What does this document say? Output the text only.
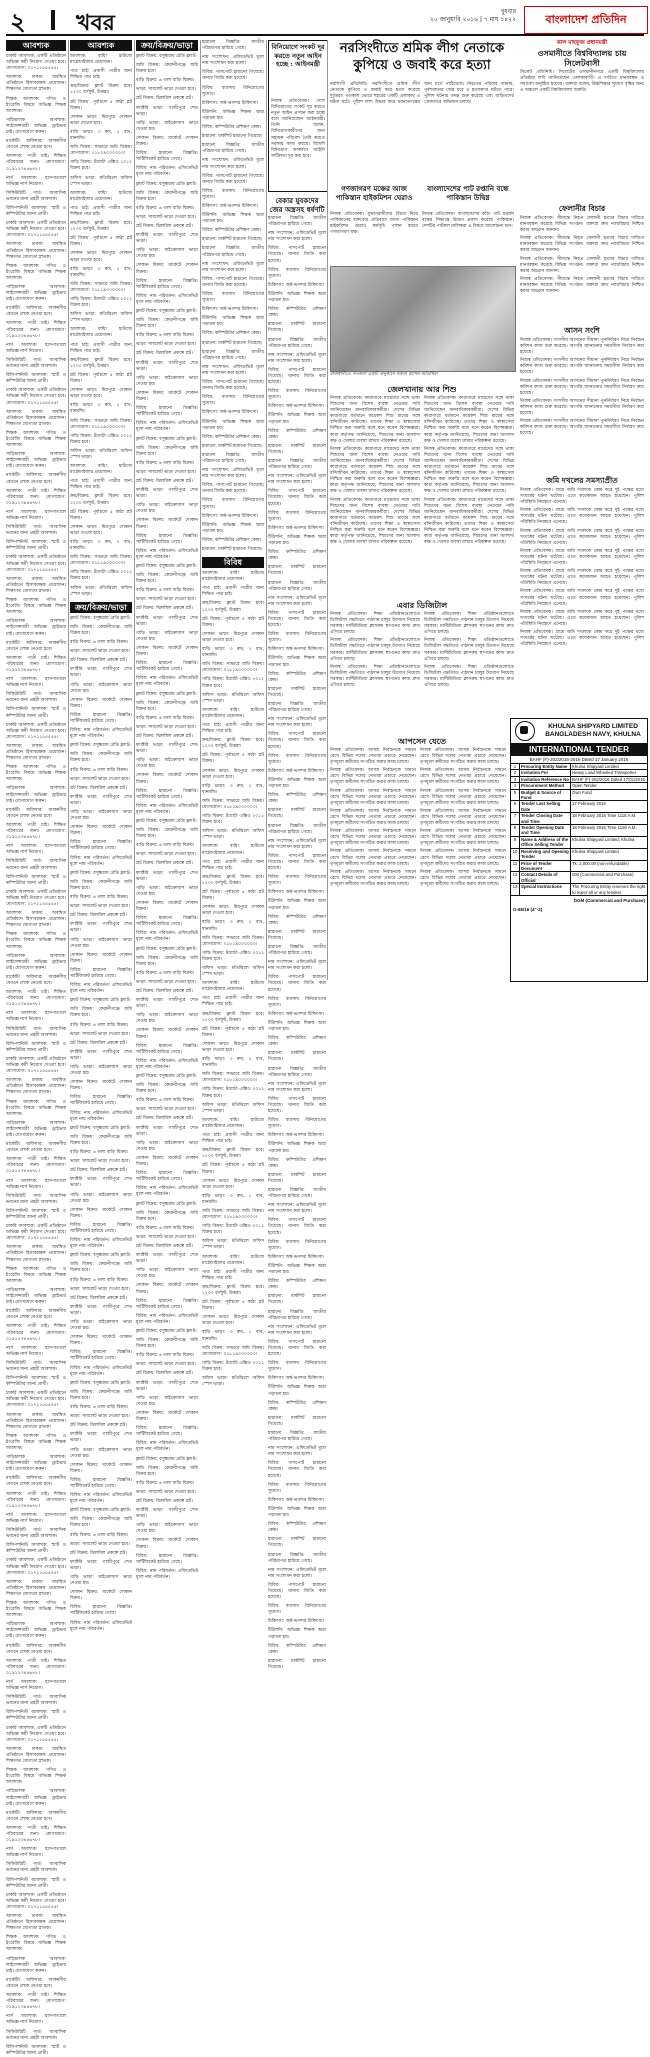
২ খবর	বুধবার
২০ জানুয়ারি ২০১৬ | ৭ মাঘ ১৪২২	বাংলাদেশ প্রতিদিন
আবশ্যক

চাকরি আবশ্যক: একটি প্রতিষ্ঠানে অভিজ্ঞ কর্মী নিয়োগ দেওয়া হবে। যোগাযোগ: ০১৭১১৫৫৫৫৫।

আবশ্যক: ঢাকায় অবস্থিত প্রতিষ্ঠানে হিসাবরক্ষক প্রয়োজন। শিক্ষাগত যোগ্যতা স্নাতক।

শিক্ষক আবশ্যক: গণিত ও ইংরেজি বিষয়ে অভিজ্ঞ শিক্ষক আবশ্যক।

গাড়িচালক আবশ্যক: লাইসেন্সধারী অভিজ্ঞ ড্রাইভার চাই। যোগাযোগ করুন।

মার্কেটিং অফিসার: আকর্ষণীয় বেতনে লোক নেওয়া হবে।

আবশ্যক: পাত্রী চাই। শিক্ষিত পরিবারের জন্য। যোগাযোগ: ০১৯১২৩৪৫৬৭৮।

নার্স আবশ্যক: হাসপাতালে অভিজ্ঞ নার্স নিয়োগ।

সিকিউরিটি গার্ড: আবাসিক ভবনের জন্য প্রহরী আবশ্যক।

রিসিপশনিস্ট আবশ্যক: স্মার্ট ও কম্পিউটার জানা প্রার্থী।

চাকরি আবশ্যক: একটি প্রতিষ্ঠানে অভিজ্ঞ কর্মী নিয়োগ দেওয়া হবে। যোগাযোগ: ০১৭১১৫৫৫৫৫।

আবশ্যক: ঢাকায় অবস্থিত প্রতিষ্ঠানে হিসাবরক্ষক প্রয়োজন। শিক্ষাগত যোগ্যতা স্নাতক।

শিক্ষক আবশ্যক: গণিত ও ইংরেজি বিষয়ে অভিজ্ঞ শিক্ষক আবশ্যক।

গাড়িচালক আবশ্যক: লাইসেন্সধারী অভিজ্ঞ ড্রাইভার চাই। যোগাযোগ করুন।

মার্কেটিং অফিসার: আকর্ষণীয় বেতনে লোক নেওয়া হবে।

আবশ্যক: পাত্রী চাই। শিক্ষিত পরিবারের জন্য। যোগাযোগ: ০১৯১২৩৪৫৬৭৮।

নার্স আবশ্যক: হাসপাতালে অভিজ্ঞ নার্স নিয়োগ।

সিকিউরিটি গার্ড: আবাসিক ভবনের জন্য প্রহরী আবশ্যক।

রিসিপশনিস্ট আবশ্যক: স্মার্ট ও কম্পিউটার জানা প্রার্থী।

চাকরি আবশ্যক: একটি প্রতিষ্ঠানে অভিজ্ঞ কর্মী নিয়োগ দেওয়া হবে। যোগাযোগ: ০১৭১১৫৫৫৫৫।

আবশ্যক: ঢাকায় অবস্থিত প্রতিষ্ঠানে হিসাবরক্ষক প্রয়োজন। শিক্ষাগত যোগ্যতা স্নাতক।

শিক্ষক আবশ্যক: গণিত ও ইংরেজি বিষয়ে অভিজ্ঞ শিক্ষক আবশ্যক।

গাড়িচালক আবশ্যক: লাইসেন্সধারী অভিজ্ঞ ড্রাইভার চাই। যোগাযোগ করুন।

মার্কেটিং অফিসার: আকর্ষণীয় বেতনে লোক নেওয়া হবে।

আবশ্যক: পাত্রী চাই। শিক্ষিত পরিবারের জন্য। যোগাযোগ: ০১৯১২৩৪৫৬৭৮।

নার্স আবশ্যক: হাসপাতালে অভিজ্ঞ নার্স নিয়োগ।

সিকিউরিটি গার্ড: আবাসিক ভবনের জন্য প্রহরী আবশ্যক।

রিসিপশনিস্ট আবশ্যক: স্মার্ট ও কম্পিউটার জানা প্রার্থী।

চাকরি আবশ্যক: একটি প্রতিষ্ঠানে অভিজ্ঞ কর্মী নিয়োগ দেওয়া হবে। যোগাযোগ: ০১৭১১৫৫৫৫৫।

আবশ্যক: ঢাকায় অবস্থিত প্রতিষ্ঠানে হিসাবরক্ষক প্রয়োজন। শিক্ষাগত যোগ্যতা স্নাতক।

শিক্ষক আবশ্যক: গণিত ও ইংরেজি বিষয়ে অভিজ্ঞ শিক্ষক আবশ্যক।

গাড়িচালক আবশ্যক: লাইসেন্সধারী অভিজ্ঞ ড্রাইভার চাই। যোগাযোগ করুন।

মার্কেটিং অফিসার: আকর্ষণীয় বেতনে লোক নেওয়া হবে।

আবশ্যক: পাত্রী চাই। শিক্ষিত পরিবারের জন্য। যোগাযোগ: ০১৯১২৩৪৫৬৭৮।

নার্স আবশ্যক: হাসপাতালে অভিজ্ঞ নার্স নিয়োগ।

সিকিউরিটি গার্ড: আবাসিক ভবনের জন্য প্রহরী আবশ্যক।

রিসিপশনিস্ট আবশ্যক: স্মার্ট ও কম্পিউটার জানা প্রার্থী।

চাকরি আবশ্যক: একটি প্রতিষ্ঠানে অভিজ্ঞ কর্মী নিয়োগ দেওয়া হবে। যোগাযোগ: ০১৭১১৫৫৫৫৫।

আবশ্যক: ঢাকায় অবস্থিত প্রতিষ্ঠানে হিসাবরক্ষক প্রয়োজন। শিক্ষাগত যোগ্যতা স্নাতক।

শিক্ষক আবশ্যক: গণিত ও ইংরেজি বিষয়ে অভিজ্ঞ শিক্ষক আবশ্যক।

গাড়িচালক আবশ্যক: লাইসেন্সধারী অভিজ্ঞ ড্রাইভার চাই। যোগাযোগ করুন।

মার্কেটিং অফিসার: আকর্ষণীয় বেতনে লোক নেওয়া হবে।

আবশ্যক: পাত্রী চাই। শিক্ষিত পরিবারের জন্য। যোগাযোগ: ০১৯১২৩৪৫৬৭৮।

নার্স আবশ্যক: হাসপাতালে অভিজ্ঞ নার্স নিয়োগ।

সিকিউরিটি গার্ড: আবাসিক ভবনের জন্য প্রহরী আবশ্যক।

রিসিপশনিস্ট আবশ্যক: স্মার্ট ও কম্পিউটার জানা প্রার্থী।

চাকরি আবশ্যক: একটি প্রতিষ্ঠানে অভিজ্ঞ কর্মী নিয়োগ দেওয়া হবে। যোগাযোগ: ০১৭১১৫৫৫৫৫।

আবশ্যক: ঢাকায় অবস্থিত প্রতিষ্ঠানে হিসাবরক্ষক প্রয়োজন। শিক্ষাগত যোগ্যতা স্নাতক।

শিক্ষক আবশ্যক: গণিত ও ইংরেজি বিষয়ে অভিজ্ঞ শিক্ষক আবশ্যক।

গাড়িচালক আবশ্যক: লাইসেন্সধারী অভিজ্ঞ ড্রাইভার চাই। যোগাযোগ করুন।

মার্কেটিং অফিসার: আকর্ষণীয় বেতনে লোক নেওয়া হবে।

আবশ্যক: পাত্রী চাই। শিক্ষিত পরিবারের জন্য। যোগাযোগ: ০১৯১২৩৪৫৬৭৮।

নার্স আবশ্যক: হাসপাতালে অভিজ্ঞ নার্স নিয়োগ।

সিকিউরিটি গার্ড: আবাসিক ভবনের জন্য প্রহরী আবশ্যক।

রিসিপশনিস্ট আবশ্যক: স্মার্ট ও কম্পিউটার জানা প্রার্থী।

চাকরি আবশ্যক: একটি প্রতিষ্ঠানে অভিজ্ঞ কর্মী নিয়োগ দেওয়া হবে। যোগাযোগ: ০১৭১১৫৫৫৫৫।

আবশ্যক: ঢাকায় অবস্থিত প্রতিষ্ঠানে হিসাবরক্ষক প্রয়োজন। শিক্ষাগত যোগ্যতা স্নাতক।

শিক্ষক আবশ্যক: গণিত ও ইংরেজি বিষয়ে অভিজ্ঞ শিক্ষক আবশ্যক।

গাড়িচালক আবশ্যক: লাইসেন্সধারী অভিজ্ঞ ড্রাইভার চাই। যোগাযোগ করুন।

মার্কেটিং অফিসার: আকর্ষণীয় বেতনে লোক নেওয়া হবে।

আবশ্যক: পাত্রী চাই। শিক্ষিত পরিবারের জন্য। যোগাযোগ: ০১৯১২৩৪৫৬৭৮।

নার্স আবশ্যক: হাসপাতালে অভিজ্ঞ নার্স নিয়োগ।

সিকিউরিটি গার্ড: আবাসিক ভবনের জন্য প্রহরী আবশ্যক।

রিসিপশনিস্ট আবশ্যক: স্মার্ট ও কম্পিউটার জানা প্রার্থী।

চাকরি আবশ্যক: একটি প্রতিষ্ঠানে অভিজ্ঞ কর্মী নিয়োগ দেওয়া হবে। যোগাযোগ: ০১৭১১৫৫৫৫৫।

আবশ্যক: ঢাকায় অবস্থিত প্রতিষ্ঠানে হিসাবরক্ষক প্রয়োজন। শিক্ষাগত যোগ্যতা স্নাতক।

শিক্ষক আবশ্যক: গণিত ও ইংরেজি বিষয়ে অভিজ্ঞ শিক্ষক আবশ্যক।

গাড়িচালক আবশ্যক: লাইসেন্সধারী অভিজ্ঞ ড্রাইভার চাই। যোগাযোগ করুন।

মার্কেটিং অফিসার: আকর্ষণীয় বেতনে লোক নেওয়া হবে।

আবশ্যক: পাত্রী চাই। শিক্ষিত পরিবারের জন্য। যোগাযোগ: ০১৯১২৩৪৫৬৭৮।

নার্স আবশ্যক: হাসপাতালে অভিজ্ঞ নার্স নিয়োগ।

সিকিউরিটি গার্ড: আবাসিক ভবনের জন্য প্রহরী আবশ্যক।

রিসিপশনিস্ট আবশ্যক: স্মার্ট ও কম্পিউটার জানা প্রার্থী।

চাকরি আবশ্যক: একটি প্রতিষ্ঠানে অভিজ্ঞ কর্মী নিয়োগ দেওয়া হবে। যোগাযোগ: ০১৭১১৫৫৫৫৫।

আবশ্যক: ঢাকায় অবস্থিত প্রতিষ্ঠানে হিসাবরক্ষক প্রয়োজন। শিক্ষাগত যোগ্যতা স্নাতক।

শিক্ষক আবশ্যক: গণিত ও ইংরেজি বিষয়ে অভিজ্ঞ শিক্ষক আবশ্যক।

গাড়িচালক আবশ্যক: লাইসেন্সধারী অভিজ্ঞ ড্রাইভার চাই। যোগাযোগ করুন।

মার্কেটিং অফিসার: আকর্ষণীয় বেতনে লোক নেওয়া হবে।

আবশ্যক: পাত্রী চাই। শিক্ষিত পরিবারের জন্য। যোগাযোগ: ০১৯১২৩৪৫৬৭৮।

নার্স আবশ্যক: হাসপাতালে অভিজ্ঞ নার্স নিয়োগ।

সিকিউরিটি গার্ড: আবাসিক ভবনের জন্য প্রহরী আবশ্যক।

রিসিপশনিস্ট আবশ্যক: স্মার্ট ও কম্পিউটার জানা প্রার্থী।

চাকরি আবশ্যক: একটি প্রতিষ্ঠানে অভিজ্ঞ কর্মী নিয়োগ দেওয়া হবে। যোগাযোগ: ০১৭১১৫৫৫৫৫।

আবশ্যক: ঢাকায় অবস্থিত প্রতিষ্ঠানে হিসাবরক্ষক প্রয়োজন। শিক্ষাগত যোগ্যতা স্নাতক।

শিক্ষক আবশ্যক: গণিত ও ইংরেজি বিষয়ে অভিজ্ঞ শিক্ষক আবশ্যক।

গাড়িচালক আবশ্যক: লাইসেন্সধারী অভিজ্ঞ ড্রাইভার চাই। যোগাযোগ করুন।

মার্কেটিং অফিসার: আকর্ষণীয় বেতনে লোক নেওয়া হবে।

আবশ্যক: পাত্রী চাই। শিক্ষিত পরিবারের জন্য। যোগাযোগ: ০১৯১২৩৪৫৬৭৮।

নার্স আবশ্যক: হাসপাতালে অভিজ্ঞ নার্স নিয়োগ।

সিকিউরিটি গার্ড: আবাসিক ভবনের জন্য প্রহরী আবশ্যক।

রিসিপশনিস্ট আবশ্যক: স্মার্ট ও কম্পিউটার জানা প্রার্থী।

চাকরি আবশ্যক: একটি প্রতিষ্ঠানে অভিজ্ঞ কর্মী নিয়োগ দেওয়া হবে। যোগাযোগ: ০১৭১১৫৫৫৫৫।

আবশ্যক: ঢাকায় অবস্থিত প্রতিষ্ঠানে হিসাবরক্ষক প্রয়োজন। শিক্ষাগত যোগ্যতা স্নাতক।

শিক্ষক আবশ্যক: গণিত ও ইংরেজি বিষয়ে অভিজ্ঞ শিক্ষক আবশ্যক।

গাড়িচালক আবশ্যক: লাইসেন্সধারী অভিজ্ঞ ড্রাইভার চাই। যোগাযোগ করুন।

মার্কেটিং অফিসার: আকর্ষণীয় বেতনে লোক নেওয়া হবে।

আবশ্যক: পাত্রী চাই। শিক্ষিত পরিবারের জন্য। যোগাযোগ: ০১৯১২৩৪৫৬৭৮।

নার্স আবশ্যক: হাসপাতালে অভিজ্ঞ নার্স নিয়োগ।

সিকিউরিটি গার্ড: আবাসিক ভবনের জন্য প্রহরী আবশ্যক।

রিসিপশনিস্ট আবশ্যক: স্মার্ট ও কম্পিউটার জানা প্রার্থী।

চাকরি আবশ্যক: একটি প্রতিষ্ঠানে অভিজ্ঞ কর্মী নিয়োগ দেওয়া হবে। যোগাযোগ: ০১৭১১৫৫৫৫৫।

আবশ্যক: ঢাকায় অবস্থিত প্রতিষ্ঠানে হিসাবরক্ষক প্রয়োজন। শিক্ষাগত যোগ্যতা স্নাতক।

শিক্ষক আবশ্যক: গণিত ও ইংরেজি বিষয়ে অভিজ্ঞ শিক্ষক আবশ্যক।

গাড়িচালক আবশ্যক: লাইসেন্সধারী অভিজ্ঞ ড্রাইভার চাই। যোগাযোগ করুন।

মার্কেটিং অফিসার: আকর্ষণীয় বেতনে লোক নেওয়া হবে।

আবশ্যক: পাত্রী চাই। শিক্ষিত পরিবারের জন্য। যোগাযোগ: ০১৯১২৩৪৫৬৭৮।

নার্স আবশ্যক: হাসপাতালে অভিজ্ঞ নার্স নিয়োগ।

সিকিউরিটি গার্ড: আবাসিক ভবনের জন্য প্রহরী আবশ্যক।

রিসিপশনিস্ট আবশ্যক: স্মার্ট ও কম্পিউটার জানা প্রার্থী।

আবশ্যক

আবশ্যক: বায়িং হাউজে মার্চেন্ডাইজার প্রয়োজন।

পাত্র চাই: প্রবাসী পাত্রীর জন্য শিক্ষিত পাত্র চাই।

ক্রয়/বিক্রয়: ফ্ল্যাট বিক্রয় হবে। ১২০০ বর্গফুট, উত্তরা।

প্লট বিক্রয়: পূর্বাচলে ৫ কাঠা প্লট বিক্রয়।

দোকান ভাড়া: মিরপুরে দোকান ভাড়া দেওয়া হবে।

বাড়ি ভাড়া: ৩ রুম, ২ বাথ, ধানমন্ডি।

জমি বিক্রয়: সাভারে জমি বিক্রয়। যোগাযোগ: ০১৮১৯০০০০০০।

গাড়ি বিক্রয়: টয়োটা এক্সিও ২০১২ বিক্রয় হবে।

অফিস ভাড়া: মতিঝিলে অফিস স্পেস ভাড়া।

আবশ্যক: বায়িং হাউজে মার্চেন্ডাইজার প্রয়োজন।

পাত্র চাই: প্রবাসী পাত্রীর জন্য শিক্ষিত পাত্র চাই।

ক্রয়/বিক্রয়: ফ্ল্যাট বিক্রয় হবে। ১২০০ বর্গফুট, উত্তরা।

প্লট বিক্রয়: পূর্বাচলে ৫ কাঠা প্লট বিক্রয়।

দোকান ভাড়া: মিরপুরে দোকান ভাড়া দেওয়া হবে।

বাড়ি ভাড়া: ৩ রুম, ২ বাথ, ধানমন্ডি।

জমি বিক্রয়: সাভারে জমি বিক্রয়। যোগাযোগ: ০১৮১৯০০০০০০।

গাড়ি বিক্রয়: টয়োটা এক্সিও ২০১২ বিক্রয় হবে।

অফিস ভাড়া: মতিঝিলে অফিস স্পেস ভাড়া।

আবশ্যক: বায়িং হাউজে মার্চেন্ডাইজার প্রয়োজন।

পাত্র চাই: প্রবাসী পাত্রীর জন্য শিক্ষিত পাত্র চাই।

ক্রয়/বিক্রয়: ফ্ল্যাট বিক্রয় হবে। ১২০০ বর্গফুট, উত্তরা।

প্লট বিক্রয়: পূর্বাচলে ৫ কাঠা প্লট বিক্রয়।

দোকান ভাড়া: মিরপুরে দোকান ভাড়া দেওয়া হবে।

বাড়ি ভাড়া: ৩ রুম, ২ বাথ, ধানমন্ডি।

জমি বিক্রয়: সাভারে জমি বিক্রয়। যোগাযোগ: ০১৮১৯০০০০০০।

গাড়ি বিক্রয়: টয়োটা এক্সিও ২০১২ বিক্রয় হবে।

অফিস ভাড়া: মতিঝিলে অফিস স্পেস ভাড়া।

আবশ্যক: বায়িং হাউজে মার্চেন্ডাইজার প্রয়োজন।

পাত্র চাই: প্রবাসী পাত্রীর জন্য শিক্ষিত পাত্র চাই।

ক্রয়/বিক্রয়: ফ্ল্যাট বিক্রয় হবে। ১২০০ বর্গফুট, উত্তরা।

প্লট বিক্রয়: পূর্বাচলে ৫ কাঠা প্লট বিক্রয়।

দোকান ভাড়া: মিরপুরে দোকান ভাড়া দেওয়া হবে।

বাড়ি ভাড়া: ৩ রুম, ২ বাথ, ধানমন্ডি।

জমি বিক্রয়: সাভারে জমি বিক্রয়। যোগাযোগ: ০১৮১৯০০০০০০।

গাড়ি বিক্রয়: টয়োটা এক্সিও ২০১২ বিক্রয় হবে।

অফিস ভাড়া: মতিঝিলে অফিস স্পেস ভাড়া।

ক্রয়/বিক্রয়/ভাড়া

ফ্ল্যাট বিক্রয়: বসুন্ধরায় রেডি ফ্ল্যাট।

জমি বিক্রয়: কেরানীগঞ্জে জমি বিক্রয় হবে।

বাড়ি বিক্রয়: ৬ তলা বাড়ি বিক্রয়।

ভাড়া: সাবলেট ভাড়া দেওয়া হবে।

প্লট বিক্রয়: ঝিলমিল প্রকল্পে প্লট।

ফ্যাক্টরি ভাড়া: গাজীপুরে শেড ভাড়া।

গাড়ি ভাড়া: মাইক্রোবাস ভাড়া দেওয়া হয়।

দোকান বিক্রয়: মার্কেটে দোকান বিক্রয়।

বিবিধ: হারানো বিজ্ঞপ্তি। সার্টিফিকেট হারিয়ে গেছে।

বিবিধ: নাম পরিবর্তন। এফিডেভিট মূলে নাম পরিবর্তন।

ফ্ল্যাট বিক্রয়: বসুন্ধরায় রেডি ফ্ল্যাট।

জমি বিক্রয়: কেরানীগঞ্জে জমি বিক্রয় হবে।

বাড়ি বিক্রয়: ৬ তলা বাড়ি বিক্রয়।

ভাড়া: সাবলেট ভাড়া দেওয়া হবে।

প্লট বিক্রয়: ঝিলমিল প্রকল্পে প্লট।

ফ্যাক্টরি ভাড়া: গাজীপুরে শেড ভাড়া।

গাড়ি ভাড়া: মাইক্রোবাস ভাড়া দেওয়া হয়।

দোকান বিক্রয়: মার্কেটে দোকান বিক্রয়।

বিবিধ: হারানো বিজ্ঞপ্তি। সার্টিফিকেট হারিয়ে গেছে।

বিবিধ: নাম পরিবর্তন। এফিডেভিট মূলে নাম পরিবর্তন।

ফ্ল্যাট বিক্রয়: বসুন্ধরায় রেডি ফ্ল্যাট।

জমি বিক্রয়: কেরানীগঞ্জে জমি বিক্রয় হবে।

বাড়ি বিক্রয়: ৬ তলা বাড়ি বিক্রয়।

ভাড়া: সাবলেট ভাড়া দেওয়া হবে।

প্লট বিক্রয়: ঝিলমিল প্রকল্পে প্লট।

ফ্যাক্টরি ভাড়া: গাজীপুরে শেড ভাড়া।

গাড়ি ভাড়া: মাইক্রোবাস ভাড়া দেওয়া হয়।

দোকান বিক্রয়: মার্কেটে দোকান বিক্রয়।

বিবিধ: হারানো বিজ্ঞপ্তি। সার্টিফিকেট হারিয়ে গেছে।

বিবিধ: নাম পরিবর্তন। এফিডেভিট মূলে নাম পরিবর্তন।

ফ্ল্যাট বিক্রয়: বসুন্ধরায় রেডি ফ্ল্যাট।

জমি বিক্রয়: কেরানীগঞ্জে জমি বিক্রয় হবে।

বাড়ি বিক্রয়: ৬ তলা বাড়ি বিক্রয়।

ভাড়া: সাবলেট ভাড়া দেওয়া হবে।

প্লট বিক্রয়: ঝিলমিল প্রকল্পে প্লট।

ফ্যাক্টরি ভাড়া: গাজীপুরে শেড ভাড়া।

গাড়ি ভাড়া: মাইক্রোবাস ভাড়া দেওয়া হয়।

দোকান বিক্রয়: মার্কেটে দোকান বিক্রয়।

বিবিধ: হারানো বিজ্ঞপ্তি। সার্টিফিকেট হারিয়ে গেছে।

বিবিধ: নাম পরিবর্তন। এফিডেভিট মূলে নাম পরিবর্তন।

ফ্ল্যাট বিক্রয়: বসুন্ধরায় রেডি ফ্ল্যাট।

জমি বিক্রয়: কেরানীগঞ্জে জমি বিক্রয় হবে।

বাড়ি বিক্রয়: ৬ তলা বাড়ি বিক্রয়।

ভাড়া: সাবলেট ভাড়া দেওয়া হবে।

প্লট বিক্রয়: ঝিলমিল প্রকল্পে প্লট।

ফ্যাক্টরি ভাড়া: গাজীপুরে শেড ভাড়া।

গাড়ি ভাড়া: মাইক্রোবাস ভাড়া দেওয়া হয়।

দোকান বিক্রয়: মার্কেটে দোকান বিক্রয়।

বিবিধ: হারানো বিজ্ঞপ্তি। সার্টিফিকেট হারিয়ে গেছে।

বিবিধ: নাম পরিবর্তন। এফিডেভিট মূলে নাম পরিবর্তন।

ফ্ল্যাট বিক্রয়: বসুন্ধরায় রেডি ফ্ল্যাট।

জমি বিক্রয়: কেরানীগঞ্জে জমি বিক্রয় হবে।

বাড়ি বিক্রয়: ৬ তলা বাড়ি বিক্রয়।

ভাড়া: সাবলেট ভাড়া দেওয়া হবে।

প্লট বিক্রয়: ঝিলমিল প্রকল্পে প্লট।

ফ্যাক্টরি ভাড়া: গাজীপুরে শেড ভাড়া।

গাড়ি ভাড়া: মাইক্রোবাস ভাড়া দেওয়া হয়।

দোকান বিক্রয়: মার্কেটে দোকান বিক্রয়।

বিবিধ: হারানো বিজ্ঞপ্তি। সার্টিফিকেট হারিয়ে গেছে।

বিবিধ: নাম পরিবর্তন। এফিডেভিট মূলে নাম পরিবর্তন।

ফ্ল্যাট বিক্রয়: বসুন্ধরায় রেডি ফ্ল্যাট।

জমি বিক্রয়: কেরানীগঞ্জে জমি বিক্রয় হবে।

বাড়ি বিক্রয়: ৬ তলা বাড়ি বিক্রয়।

ভাড়া: সাবলেট ভাড়া দেওয়া হবে।

প্লট বিক্রয়: ঝিলমিল প্রকল্পে প্লট।

ফ্যাক্টরি ভাড়া: গাজীপুরে শেড ভাড়া।

গাড়ি ভাড়া: মাইক্রোবাস ভাড়া দেওয়া হয়।

দোকান বিক্রয়: মার্কেটে দোকান বিক্রয়।

বিবিধ: হারানো বিজ্ঞপ্তি। সার্টিফিকেট হারিয়ে গেছে।

বিবিধ: নাম পরিবর্তন। এফিডেভিট মূলে নাম পরিবর্তন।

ফ্ল্যাট বিক্রয়: বসুন্ধরায় রেডি ফ্ল্যাট।

জমি বিক্রয়: কেরানীগঞ্জে জমি বিক্রয় হবে।

বাড়ি বিক্রয়: ৬ তলা বাড়ি বিক্রয়।

ভাড়া: সাবলেট ভাড়া দেওয়া হবে।

প্লট বিক্রয়: ঝিলমিল প্রকল্পে প্লট।

ফ্যাক্টরি ভাড়া: গাজীপুরে শেড ভাড়া।

গাড়ি ভাড়া: মাইক্রোবাস ভাড়া দেওয়া হয়।

দোকান বিক্রয়: মার্কেটে দোকান বিক্রয়।

বিবিধ: হারানো বিজ্ঞপ্তি। সার্টিফিকেট হারিয়ে গেছে।

বিবিধ: নাম পরিবর্তন। এফিডেভিট মূলে নাম পরিবর্তন।

ক্রয়/বিক্রয়/ভাড়া

ফ্ল্যাট বিক্রয়: বসুন্ধরায় রেডি ফ্ল্যাট।

জমি বিক্রয়: কেরানীগঞ্জে জমি বিক্রয় হবে।

বাড়ি বিক্রয়: ৬ তলা বাড়ি বিক্রয়।

ভাড়া: সাবলেট ভাড়া দেওয়া হবে।

প্লট বিক্রয়: ঝিলমিল প্রকল্পে প্লট।

ফ্যাক্টরি ভাড়া: গাজীপুরে শেড ভাড়া।

গাড়ি ভাড়া: মাইক্রোবাস ভাড়া দেওয়া হয়।

দোকান বিক্রয়: মার্কেটে দোকান বিক্রয়।

বিবিধ: হারানো বিজ্ঞপ্তি। সার্টিফিকেট হারিয়ে গেছে।

বিবিধ: নাম পরিবর্তন। এফিডেভিট মূলে নাম পরিবর্তন।

ফ্ল্যাট বিক্রয়: বসুন্ধরায় রেডি ফ্ল্যাট।

জমি বিক্রয়: কেরানীগঞ্জে জমি বিক্রয় হবে।

বাড়ি বিক্রয়: ৬ তলা বাড়ি বিক্রয়।

ভাড়া: সাবলেট ভাড়া দেওয়া হবে।

প্লট বিক্রয়: ঝিলমিল প্রকল্পে প্লট।

ফ্যাক্টরি ভাড়া: গাজীপুরে শেড ভাড়া।

গাড়ি ভাড়া: মাইক্রোবাস ভাড়া দেওয়া হয়।

দোকান বিক্রয়: মার্কেটে দোকান বিক্রয়।

বিবিধ: হারানো বিজ্ঞপ্তি। সার্টিফিকেট হারিয়ে গেছে।

বিবিধ: নাম পরিবর্তন। এফিডেভিট মূলে নাম পরিবর্তন।

ফ্ল্যাট বিক্রয়: বসুন্ধরায় রেডি ফ্ল্যাট।

জমি বিক্রয়: কেরানীগঞ্জে জমি বিক্রয় হবে।

বাড়ি বিক্রয়: ৬ তলা বাড়ি বিক্রয়।

ভাড়া: সাবলেট ভাড়া দেওয়া হবে।

প্লট বিক্রয়: ঝিলমিল প্রকল্পে প্লট।

ফ্যাক্টরি ভাড়া: গাজীপুরে শেড ভাড়া।

গাড়ি ভাড়া: মাইক্রোবাস ভাড়া দেওয়া হয়।

দোকান বিক্রয়: মার্কেটে দোকান বিক্রয়।

বিবিধ: হারানো বিজ্ঞপ্তি। সার্টিফিকেট হারিয়ে গেছে।

বিবিধ: নাম পরিবর্তন। এফিডেভিট মূলে নাম পরিবর্তন।

ফ্ল্যাট বিক্রয়: বসুন্ধরায় রেডি ফ্ল্যাট।

জমি বিক্রয়: কেরানীগঞ্জে জমি বিক্রয় হবে।

বাড়ি বিক্রয়: ৬ তলা বাড়ি বিক্রয়।

ভাড়া: সাবলেট ভাড়া দেওয়া হবে।

প্লট বিক্রয়: ঝিলমিল প্রকল্পে প্লট।

ফ্যাক্টরি ভাড়া: গাজীপুরে শেড ভাড়া।

গাড়ি ভাড়া: মাইক্রোবাস ভাড়া দেওয়া হয়।

দোকান বিক্রয়: মার্কেটে দোকান বিক্রয়।

বিবিধ: হারানো বিজ্ঞপ্তি। সার্টিফিকেট হারিয়ে গেছে।

বিবিধ: নাম পরিবর্তন। এফিডেভিট মূলে নাম পরিবর্তন।

ফ্ল্যাট বিক্রয়: বসুন্ধরায় রেডি ফ্ল্যাট।

জমি বিক্রয়: কেরানীগঞ্জে জমি বিক্রয় হবে।

বাড়ি বিক্রয়: ৬ তলা বাড়ি বিক্রয়।

ভাড়া: সাবলেট ভাড়া দেওয়া হবে।

প্লট বিক্রয়: ঝিলমিল প্রকল্পে প্লট।

ফ্যাক্টরি ভাড়া: গাজীপুরে শেড ভাড়া।

গাড়ি ভাড়া: মাইক্রোবাস ভাড়া দেওয়া হয়।

দোকান বিক্রয়: মার্কেটে দোকান বিক্রয়।

বিবিধ: হারানো বিজ্ঞপ্তি। সার্টিফিকেট হারিয়ে গেছে।

বিবিধ: নাম পরিবর্তন। এফিডেভিট মূলে নাম পরিবর্তন।

ফ্ল্যাট বিক্রয়: বসুন্ধরায় রেডি ফ্ল্যাট।

জমি বিক্রয়: কেরানীগঞ্জে জমি বিক্রয় হবে।

বাড়ি বিক্রয়: ৬ তলা বাড়ি বিক্রয়।

ভাড়া: সাবলেট ভাড়া দেওয়া হবে।

প্লট বিক্রয়: ঝিলমিল প্রকল্পে প্লট।

ফ্যাক্টরি ভাড়া: গাজীপুরে শেড ভাড়া।

গাড়ি ভাড়া: মাইক্রোবাস ভাড়া দেওয়া হয়।

দোকান বিক্রয়: মার্কেটে দোকান বিক্রয়।

বিবিধ: হারানো বিজ্ঞপ্তি। সার্টিফিকেট হারিয়ে গেছে।

বিবিধ: নাম পরিবর্তন। এফিডেভিট মূলে নাম পরিবর্তন।

ফ্ল্যাট বিক্রয়: বসুন্ধরায় রেডি ফ্ল্যাট।

জমি বিক্রয়: কেরানীগঞ্জে জমি বিক্রয় হবে।

বাড়ি বিক্রয়: ৬ তলা বাড়ি বিক্রয়।

ভাড়া: সাবলেট ভাড়া দেওয়া হবে।

প্লট বিক্রয়: ঝিলমিল প্রকল্পে প্লট।

ফ্যাক্টরি ভাড়া: গাজীপুরে শেড ভাড়া।

গাড়ি ভাড়া: মাইক্রোবাস ভাড়া দেওয়া হয়।

দোকান বিক্রয়: মার্কেটে দোকান বিক্রয়।

বিবিধ: হারানো বিজ্ঞপ্তি। সার্টিফিকেট হারিয়ে গেছে।

বিবিধ: নাম পরিবর্তন। এফিডেভিট মূলে নাম পরিবর্তন।

ফ্ল্যাট বিক্রয়: বসুন্ধরায় রেডি ফ্ল্যাট।

জমি বিক্রয়: কেরানীগঞ্জে জমি বিক্রয় হবে।

বাড়ি বিক্রয়: ৬ তলা বাড়ি বিক্রয়।

ভাড়া: সাবলেট ভাড়া দেওয়া হবে।

প্লট বিক্রয়: ঝিলমিল প্রকল্পে প্লট।

ফ্যাক্টরি ভাড়া: গাজীপুরে শেড ভাড়া।

গাড়ি ভাড়া: মাইক্রোবাস ভাড়া দেওয়া হয়।

দোকান বিক্রয়: মার্কেটে দোকান বিক্রয়।

বিবিধ: হারানো বিজ্ঞপ্তি। সার্টিফিকেট হারিয়ে গেছে।

বিবিধ: নাম পরিবর্তন। এফিডেভিট মূলে নাম পরিবর্তন।

ফ্ল্যাট বিক্রয়: বসুন্ধরায় রেডি ফ্ল্যাট।

জমি বিক্রয়: কেরানীগঞ্জে জমি বিক্রয় হবে।

বাড়ি বিক্রয়: ৬ তলা বাড়ি বিক্রয়।

ভাড়া: সাবলেট ভাড়া দেওয়া হবে।

প্লট বিক্রয়: ঝিলমিল প্রকল্পে প্লট।

ফ্যাক্টরি ভাড়া: গাজীপুরে শেড ভাড়া।

গাড়ি ভাড়া: মাইক্রোবাস ভাড়া দেওয়া হয়।

দোকান বিক্রয়: মার্কেটে দোকান বিক্রয়।

বিবিধ: হারানো বিজ্ঞপ্তি। সার্টিফিকেট হারিয়ে গেছে।

বিবিধ: নাম পরিবর্তন। এফিডেভিট মূলে নাম পরিবর্তন।

ফ্ল্যাট বিক্রয়: বসুন্ধরায় রেডি ফ্ল্যাট।

জমি বিক্রয়: কেরানীগঞ্জে জমি বিক্রয় হবে।

বাড়ি বিক্রয়: ৬ তলা বাড়ি বিক্রয়।

ভাড়া: সাবলেট ভাড়া দেওয়া হবে।

প্লট বিক্রয়: ঝিলমিল প্রকল্পে প্লট।

ফ্যাক্টরি ভাড়া: গাজীপুরে শেড ভাড়া।

গাড়ি ভাড়া: মাইক্রোবাস ভাড়া দেওয়া হয়।

দোকান বিক্রয়: মার্কেটে দোকান বিক্রয়।

বিবিধ: হারানো বিজ্ঞপ্তি। সার্টিফিকেট হারিয়ে গেছে।

বিবিধ: নাম পরিবর্তন। এফিডেভিট মূলে নাম পরিবর্তন।

ফ্ল্যাট বিক্রয়: বসুন্ধরায় রেডি ফ্ল্যাট।

জমি বিক্রয়: কেরানীগঞ্জে জমি বিক্রয় হবে।

বাড়ি বিক্রয়: ৬ তলা বাড়ি বিক্রয়।

ভাড়া: সাবলেট ভাড়া দেওয়া হবে।

প্লট বিক্রয়: ঝিলমিল প্রকল্পে প্লট।

ফ্যাক্টরি ভাড়া: গাজীপুরে শেড ভাড়া।

গাড়ি ভাড়া: মাইক্রোবাস ভাড়া দেওয়া হয়।

দোকান বিক্রয়: মার্কেটে দোকান বিক্রয়।

বিবিধ: হারানো বিজ্ঞপ্তি। সার্টিফিকেট হারিয়ে গেছে।

বিবিধ: নাম পরিবর্তন। এফিডেভিট মূলে নাম পরিবর্তন।

ফ্ল্যাট বিক্রয়: বসুন্ধরায় রেডি ফ্ল্যাট।

জমি বিক্রয়: কেরানীগঞ্জে জমি বিক্রয় হবে।

বাড়ি বিক্রয়: ৬ তলা বাড়ি বিক্রয়।

ভাড়া: সাবলেট ভাড়া দেওয়া হবে।

প্লট বিক্রয়: ঝিলমিল প্রকল্পে প্লট।

ফ্যাক্টরি ভাড়া: গাজীপুরে শেড ভাড়া।

গাড়ি ভাড়া: মাইক্রোবাস ভাড়া দেওয়া হয়।

দোকান বিক্রয়: মার্কেটে দোকান বিক্রয়।

বিবিধ: হারানো বিজ্ঞপ্তি। সার্টিফিকেট হারিয়ে গেছে।

বিবিধ: নাম পরিবর্তন। এফিডেভিট মূলে নাম পরিবর্তন।

হারানো বিজ্ঞপ্তি: জাতীয় পরিচয়পত্র হারিয়ে গেছে।

নাম সংশোধন: এফিডেভিট মূলে নাম সংশোধন করা হলো।

বিবিধ: পাসপোর্ট হারানো গিয়েছে। থানায় জিডি করা হয়েছে।

বিবিধ: ব্যবসায় বিনিয়োগের সুযোগ।

চিকিৎসা: অর্শ্ব-ভগন্দর চিকিৎসা।

টিউশনি: অভিজ্ঞ শিক্ষক দ্বারা পড়ানো হয়।

বিবিধ: কম্পিউটার প্রশিক্ষণ কেন্দ্র।

হারানো: মার্কশিট হারানো গিয়েছে।

হারানো বিজ্ঞপ্তি: জাতীয় পরিচয়পত্র হারিয়ে গেছে।

নাম সংশোধন: এফিডেভিট মূলে নাম সংশোধন করা হলো।

বিবিধ: পাসপোর্ট হারানো গিয়েছে। থানায় জিডি করা হয়েছে।

বিবিধ: ব্যবসায় বিনিয়োগের সুযোগ।

চিকিৎসা: অর্শ্ব-ভগন্দর চিকিৎসা।

টিউশনি: অভিজ্ঞ শিক্ষক দ্বারা পড়ানো হয়।

বিবিধ: কম্পিউটার প্রশিক্ষণ কেন্দ্র।

হারানো: মার্কশিট হারানো গিয়েছে।

হারানো বিজ্ঞপ্তি: জাতীয় পরিচয়পত্র হারিয়ে গেছে।

নাম সংশোধন: এফিডেভিট মূলে নাম সংশোধন করা হলো।

বিবিধ: পাসপোর্ট হারানো গিয়েছে। থানায় জিডি করা হয়েছে।

বিবিধ: ব্যবসায় বিনিয়োগের সুযোগ।

চিকিৎসা: অর্শ্ব-ভগন্দর চিকিৎসা।

টিউশনি: অভিজ্ঞ শিক্ষক দ্বারা পড়ানো হয়।

বিবিধ: কম্পিউটার প্রশিক্ষণ কেন্দ্র।

হারানো: মার্কশিট হারানো গিয়েছে।

হারানো বিজ্ঞপ্তি: জাতীয় পরিচয়পত্র হারিয়ে গেছে।

নাম সংশোধন: এফিডেভিট মূলে নাম সংশোধন করা হলো।

বিবিধ: পাসপোর্ট হারানো গিয়েছে। থানায় জিডি করা হয়েছে।

বিবিধ: ব্যবসায় বিনিয়োগের সুযোগ।

চিকিৎসা: অর্শ্ব-ভগন্দর চিকিৎসা।

টিউশনি: অভিজ্ঞ শিক্ষক দ্বারা পড়ানো হয়।

বিবিধ: কম্পিউটার প্রশিক্ষণ কেন্দ্র।

হারানো: মার্কশিট হারানো গিয়েছে।

হারানো বিজ্ঞপ্তি: জাতীয় পরিচয়পত্র হারিয়ে গেছে।

নাম সংশোধন: এফিডেভিট মূলে নাম সংশোধন করা হলো।

বিবিধ: পাসপোর্ট হারানো গিয়েছে। থানায় জিডি করা হয়েছে।

বিবিধ: ব্যবসায় বিনিয়োগের সুযোগ।

চিকিৎসা: অর্শ্ব-ভগন্দর চিকিৎসা।

টিউশনি: অভিজ্ঞ শিক্ষক দ্বারা পড়ানো হয়।

বিবিধ: কম্পিউটার প্রশিক্ষণ কেন্দ্র।

হারানো: মার্কশিট হারানো গিয়েছে।

বিবিধ

আবশ্যক: বায়িং হাউজে মার্চেন্ডাইজার প্রয়োজন।

পাত্র চাই: প্রবাসী পাত্রীর জন্য শিক্ষিত পাত্র চাই।

ক্রয়/বিক্রয়: ফ্ল্যাট বিক্রয় হবে। ১২০০ বর্গফুট, উত্তরা।

প্লট বিক্রয়: পূর্বাচলে ৫ কাঠা প্লট বিক্রয়।

দোকান ভাড়া: মিরপুরে দোকান ভাড়া দেওয়া হবে।

বাড়ি ভাড়া: ৩ রুম, ২ বাথ, ধানমন্ডি।

জমি বিক্রয়: সাভারে জমি বিক্রয়। যোগাযোগ: ০১৮১৯০০০০০০।

গাড়ি বিক্রয়: টয়োটা এক্সিও ২০১২ বিক্রয় হবে।

অফিস ভাড়া: মতিঝিলে অফিস স্পেস ভাড়া।

আবশ্যক: বায়িং হাউজে মার্চেন্ডাইজার প্রয়োজন।

পাত্র চাই: প্রবাসী পাত্রীর জন্য শিক্ষিত পাত্র চাই।

ক্রয়/বিক্রয়: ফ্ল্যাট বিক্রয় হবে। ১২০০ বর্গফুট, উত্তরা।

প্লট বিক্রয়: পূর্বাচলে ৫ কাঠা প্লট বিক্রয়।

দোকান ভাড়া: মিরপুরে দোকান ভাড়া দেওয়া হবে।

বাড়ি ভাড়া: ৩ রুম, ২ বাথ, ধানমন্ডি।

জমি বিক্রয়: সাভারে জমি বিক্রয়। যোগাযোগ: ০১৮১৯০০০০০০।

গাড়ি বিক্রয়: টয়োটা এক্সিও ২০১২ বিক্রয় হবে।

অফিস ভাড়া: মতিঝিলে অফিস স্পেস ভাড়া।

আবশ্যক: বায়িং হাউজে মার্চেন্ডাইজার প্রয়োজন।

পাত্র চাই: প্রবাসী পাত্রীর জন্য শিক্ষিত পাত্র চাই।

ক্রয়/বিক্রয়: ফ্ল্যাট বিক্রয় হবে। ১২০০ বর্গফুট, উত্তরা।

প্লট বিক্রয়: পূর্বাচলে ৫ কাঠা প্লট বিক্রয়।

দোকান ভাড়া: মিরপুরে দোকান ভাড়া দেওয়া হবে।

বাড়ি ভাড়া: ৩ রুম, ২ বাথ, ধানমন্ডি।

জমি বিক্রয়: সাভারে জমি বিক্রয়। যোগাযোগ: ০১৮১৯০০০০০০।

গাড়ি বিক্রয়: টয়োটা এক্সিও ২০১২ বিক্রয় হবে।

অফিস ভাড়া: মতিঝিলে অফিস স্পেস ভাড়া।

আবশ্যক: বায়িং হাউজে মার্চেন্ডাইজার প্রয়োজন।

পাত্র চাই: প্রবাসী পাত্রীর জন্য শিক্ষিত পাত্র চাই।

ক্রয়/বিক্রয়: ফ্ল্যাট বিক্রয় হবে। ১২০০ বর্গফুট, উত্তরা।

প্লট বিক্রয়: পূর্বাচলে ৫ কাঠা প্লট বিক্রয়।

দোকান ভাড়া: মিরপুরে দোকান ভাড়া দেওয়া হবে।

বাড়ি ভাড়া: ৩ রুম, ২ বাথ, ধানমন্ডি।

জমি বিক্রয়: সাভারে জমি বিক্রয়। যোগাযোগ: ০১৮১৯০০০০০০।

গাড়ি বিক্রয়: টয়োটা এক্সিও ২০১২ বিক্রয় হবে।

অফিস ভাড়া: মতিঝিলে অফিস স্পেস ভাড়া।

আবশ্যক: বায়িং হাউজে মার্চেন্ডাইজার প্রয়োজন।

পাত্র চাই: প্রবাসী পাত্রীর জন্য শিক্ষিত পাত্র চাই।

ক্রয়/বিক্রয়: ফ্ল্যাট বিক্রয় হবে। ১২০০ বর্গফুট, উত্তরা।

প্লট বিক্রয়: পূর্বাচলে ৫ কাঠা প্লট বিক্রয়।

দোকান ভাড়া: মিরপুরে দোকান ভাড়া দেওয়া হবে।

বাড়ি ভাড়া: ৩ রুম, ২ বাথ, ধানমন্ডি।

জমি বিক্রয়: সাভারে জমি বিক্রয়। যোগাযোগ: ০১৮১৯০০০০০০।

গাড়ি বিক্রয়: টয়োটা এক্সিও ২০১২ বিক্রয় হবে।

অফিস ভাড়া: মতিঝিলে অফিস স্পেস ভাড়া।

আবশ্যক: বায়িং হাউজে মার্চেন্ডাইজার প্রয়োজন।

পাত্র চাই: প্রবাসী পাত্রীর জন্য শিক্ষিত পাত্র চাই।

ক্রয়/বিক্রয়: ফ্ল্যাট বিক্রয় হবে। ১২০০ বর্গফুট, উত্তরা।

প্লট বিক্রয়: পূর্বাচলে ৫ কাঠা প্লট বিক্রয়।

দোকান ভাড়া: মিরপুরে দোকান ভাড়া দেওয়া হবে।

বাড়ি ভাড়া: ৩ রুম, ২ বাথ, ধানমন্ডি।

জমি বিক্রয়: সাভারে জমি বিক্রয়। যোগাযোগ: ০১৮১৯০০০০০০।

গাড়ি বিক্রয়: টয়োটা এক্সিও ২০১২ বিক্রয় হবে।

অফিস ভাড়া: মতিঝিলে অফিস স্পেস ভাড়া।

বিনিয়োগে সংকট দূর করতে নতুন আইন হচ্ছে : আইনমন্ত্রী
নিজস্ব প্রতিবেদক। দেশে বিনিয়োগের সংকট দূর করতে নতুন আইন প্রণয়ন করা হচ্ছে বলে জানিয়েছেন আইনমন্ত্রী। তিনি বলেন, বিনিয়োগকারীদের জন্য সহায়ক পরিবেশ তৈরি করতে সরকার কাজ করছে। বিদেশি বিনিয়োগ আকর্ষণে আইনি জটিলতা দূর করা হবে।
বেকার যুবকদের জের অস্ত্রসহ ধর্ষণটি

হারানো বিজ্ঞপ্তি: জাতীয় পরিচয়পত্র হারিয়ে গেছে।

নাম সংশোধন: এফিডেভিট মূলে নাম সংশোধন করা হলো।

বিবিধ: পাসপোর্ট হারানো গিয়েছে। থানায় জিডি করা হয়েছে।

বিবিধ: ব্যবসায় বিনিয়োগের সুযোগ।

চিকিৎসা: অর্শ্ব-ভগন্দর চিকিৎসা।

টিউশনি: অভিজ্ঞ শিক্ষক দ্বারা পড়ানো হয়।

বিবিধ: কম্পিউটার প্রশিক্ষণ কেন্দ্র।

হারানো: মার্কশিট হারানো গিয়েছে।

হারানো বিজ্ঞপ্তি: জাতীয় পরিচয়পত্র হারিয়ে গেছে।

নাম সংশোধন: এফিডেভিট মূলে নাম সংশোধন করা হলো।

বিবিধ: পাসপোর্ট হারানো গিয়েছে। থানায় জিডি করা হয়েছে।

বিবিধ: ব্যবসায় বিনিয়োগের সুযোগ।

চিকিৎসা: অর্শ্ব-ভগন্দর চিকিৎসা।

টিউশনি: অভিজ্ঞ শিক্ষক দ্বারা পড়ানো হয়।

বিবিধ: কম্পিউটার প্রশিক্ষণ কেন্দ্র।

হারানো: মার্কশিট হারানো গিয়েছে।

হারানো বিজ্ঞপ্তি: জাতীয় পরিচয়পত্র হারিয়ে গেছে।

নাম সংশোধন: এফিডেভিট মূলে নাম সংশোধন করা হলো।

বিবিধ: পাসপোর্ট হারানো গিয়েছে। থানায় জিডি করা হয়েছে।

বিবিধ: ব্যবসায় বিনিয়োগের সুযোগ।

চিকিৎসা: অর্শ্ব-ভগন্দর চিকিৎসা।

টিউশনি: অভিজ্ঞ শিক্ষক দ্বারা পড়ানো হয়।

বিবিধ: কম্পিউটার প্রশিক্ষণ কেন্দ্র।

হারানো: মার্কশিট হারানো গিয়েছে।

হারানো বিজ্ঞপ্তি: জাতীয় পরিচয়পত্র হারিয়ে গেছে।

নাম সংশোধন: এফিডেভিট মূলে নাম সংশোধন করা হলো।

বিবিধ: পাসপোর্ট হারানো গিয়েছে। থানায় জিডি করা হয়েছে।

বিবিধ: ব্যবসায় বিনিয়োগের সুযোগ।

চিকিৎসা: অর্শ্ব-ভগন্দর চিকিৎসা।

টিউশনি: অভিজ্ঞ শিক্ষক দ্বারা পড়ানো হয়।

বিবিধ: কম্পিউটার প্রশিক্ষণ কেন্দ্র।

হারানো: মার্কশিট হারানো গিয়েছে।

হারানো বিজ্ঞপ্তি: জাতীয় পরিচয়পত্র হারিয়ে গেছে।

নাম সংশোধন: এফিডেভিট মূলে নাম সংশোধন করা হলো।

বিবিধ: পাসপোর্ট হারানো গিয়েছে। থানায় জিডি করা হয়েছে।

বিবিধ: ব্যবসায় বিনিয়োগের সুযোগ।

চিকিৎসা: অর্শ্ব-ভগন্দর চিকিৎসা।

টিউশনি: অভিজ্ঞ শিক্ষক দ্বারা পড়ানো হয়।

বিবিধ: কম্পিউটার প্রশিক্ষণ কেন্দ্র।

হারানো: মার্কশিট হারানো গিয়েছে।

হারানো বিজ্ঞপ্তি: জাতীয় পরিচয়পত্র হারিয়ে গেছে।

নাম সংশোধন: এফিডেভিট মূলে নাম সংশোধন করা হলো।

বিবিধ: পাসপোর্ট হারানো গিয়েছে। থানায় জিডি করা হয়েছে।

বিবিধ: ব্যবসায় বিনিয়োগের সুযোগ।

চিকিৎসা: অর্শ্ব-ভগন্দর চিকিৎসা।

টিউশনি: অভিজ্ঞ শিক্ষক দ্বারা পড়ানো হয়।

বিবিধ: কম্পিউটার প্রশিক্ষণ কেন্দ্র।

হারানো: মার্কশিট হারানো গিয়েছে।

হারানো বিজ্ঞপ্তি: জাতীয় পরিচয়পত্র হারিয়ে গেছে।

নাম সংশোধন: এফিডেভিট মূলে নাম সংশোধন করা হলো।

বিবিধ: পাসপোর্ট হারানো গিয়েছে। থানায় জিডি করা হয়েছে।

বিবিধ: ব্যবসায় বিনিয়োগের সুযোগ।

চিকিৎসা: অর্শ্ব-ভগন্দর চিকিৎসা।

টিউশনি: অভিজ্ঞ শিক্ষক দ্বারা পড়ানো হয়।

বিবিধ: কম্পিউটার প্রশিক্ষণ কেন্দ্র।

হারানো: মার্কশিট হারানো গিয়েছে।

হারানো বিজ্ঞপ্তি: জাতীয় পরিচয়পত্র হারিয়ে গেছে।

নাম সংশোধন: এফিডেভিট মূলে নাম সংশোধন করা হলো।

বিবিধ: পাসপোর্ট হারানো গিয়েছে। থানায় জিডি করা হয়েছে।

বিবিধ: ব্যবসায় বিনিয়োগের সুযোগ।

চিকিৎসা: অর্শ্ব-ভগন্দর চিকিৎসা।

টিউশনি: অভিজ্ঞ শিক্ষক দ্বারা পড়ানো হয়।

বিবিধ: কম্পিউটার প্রশিক্ষণ কেন্দ্র।

হারানো: মার্কশিট হারানো গিয়েছে।

হারানো বিজ্ঞপ্তি: জাতীয় পরিচয়পত্র হারিয়ে গেছে।

নাম সংশোধন: এফিডেভিট মূলে নাম সংশোধন করা হলো।

বিবিধ: পাসপোর্ট হারানো গিয়েছে। থানায় জিডি করা হয়েছে।

বিবিধ: ব্যবসায় বিনিয়োগের সুযোগ।

চিকিৎসা: অর্শ্ব-ভগন্দর চিকিৎসা।

টিউশনি: অভিজ্ঞ শিক্ষক দ্বারা পড়ানো হয়।

বিবিধ: কম্পিউটার প্রশিক্ষণ কেন্দ্র।

হারানো: মার্কশিট হারানো গিয়েছে।

হারানো বিজ্ঞপ্তি: জাতীয় পরিচয়পত্র হারিয়ে গেছে।

নাম সংশোধন: এফিডেভিট মূলে নাম সংশোধন করা হলো।

বিবিধ: পাসপোর্ট হারানো গিয়েছে। থানায় জিডি করা হয়েছে।

বিবিধ: ব্যবসায় বিনিয়োগের সুযোগ।

চিকিৎসা: অর্শ্ব-ভগন্দর চিকিৎসা।

টিউশনি: অভিজ্ঞ শিক্ষক দ্বারা পড়ানো হয়।

বিবিধ: কম্পিউটার প্রশিক্ষণ কেন্দ্র।

হারানো: মার্কশিট হারানো গিয়েছে।

হারানো বিজ্ঞপ্তি: জাতীয় পরিচয়পত্র হারিয়ে গেছে।

নাম সংশোধন: এফিডেভিট মূলে নাম সংশোধন করা হলো।

বিবিধ: পাসপোর্ট হারানো গিয়েছে। থানায় জিডি করা হয়েছে।

বিবিধ: ব্যবসায় বিনিয়োগের সুযোগ।

চিকিৎসা: অর্শ্ব-ভগন্দর চিকিৎসা।

টিউশনি: অভিজ্ঞ শিক্ষক দ্বারা পড়ানো হয়।

বিবিধ: কম্পিউটার প্রশিক্ষণ কেন্দ্র।

হারানো: মার্কশিট হারানো গিয়েছে।

হারানো বিজ্ঞপ্তি: জাতীয় পরিচয়পত্র হারিয়ে গেছে।

নাম সংশোধন: এফিডেভিট মূলে নাম সংশোধন করা হলো।

বিবিধ: পাসপোর্ট হারানো গিয়েছে। থানায় জিডি করা হয়েছে।

বিবিধ: ব্যবসায় বিনিয়োগের সুযোগ।

চিকিৎসা: অর্শ্ব-ভগন্দর চিকিৎসা।

টিউশনি: অভিজ্ঞ শিক্ষক দ্বারা পড়ানো হয়।

বিবিধ: কম্পিউটার প্রশিক্ষণ কেন্দ্র।

হারানো: মার্কশিট হারানো গিয়েছে।

নরসিংদীতে শ্রমিক লীগ নেতাকে কুপিয়ে ও জবাই করে হত্যা
নরসিংদী প্রতিনিধি। নরসিংদীতে শ্রমিক লীগ নেতাকে কুপিয়ে ও জবাই করে হত্যা করেছে দুর্বৃত্তরা। গতকাল ভোরে শহরের একটি এলাকায় এ ঘটনা ঘটে। পুলিশ লাশ উদ্ধার করে ময়নাতদন্তের জন্য মর্গে পাঠিয়েছে। নিহতের পরিবার জানায়, পূর্বশত্রুতার জের ধরে এ হত্যাকাণ্ড ঘটতে পারে। পুলিশ ঘটনার তদন্ত শুরু করেছে এবং জড়িতদের গ্রেফতারে অভিযান চলছে।
গণজাগরণ মঞ্চের আজ পাকিস্তান হাইকমিশন ঘেরাও
নিজস্ব প্রতিবেদক। যুদ্ধাপরাধীদের বিচার নিয়ে পাকিস্তানের বক্তব্যের প্রতিবাদে আজ পাকিস্তান হাইকমিশন ঘেরাও কর্মসূচি পালন করবে গণজাগরণ মঞ্চ।
বাংলাদেশের পাট রপ্তানি বন্ধে পাকিস্তান উদ্বিগ্ন
নিজস্ব প্রতিবেদক। বাংলাদেশের কাঁচা পাট রপ্তানি বন্ধের সিদ্ধান্তে উদ্বেগ প্রকাশ করেছে পাকিস্তান। দেশটির পাটকল মালিকরা এ বিষয়ে আলোচনা চান।
রাজধানীতে গতকাল একটি অনুষ্ঠানে বক্তব্য রাখেন অতিথিরা
কাল মাহফুজ প্রধানমন্ত্রী
ওসমানীতে বিশ্ববিদ্যালয় চায় সিলেটবাসী
সিলেট প্রতিনিধি। সিলেটের ওসমানীনগরে একটি বিশ্ববিদ্যালয় প্রতিষ্ঠার দাবি জানিয়েছেন এলাকাবাসী। এ দাবিতে মানববন্ধন ও সমাবেশ অনুষ্ঠিত হয়েছে। বক্তারা বলেন, উচ্চশিক্ষার সুযোগ বৃদ্ধির জন্য এ অঞ্চলে একটি বিশ্ববিদ্যালয় জরুরি।
জেলখানায় আর শিশু

নিজস্ব প্রতিবেদক। কারাগারে মায়েদের সঙ্গে থাকা শিশুদের জন্য বিশেষ ব্যবস্থা নেওয়ার দাবি জানিয়েছেন মানবাধিকারকর্মীরা। দেশের বিভিন্ন কারাগারে বর্তমানে কয়েকশ শিশু মায়ের সঙ্গে বন্দিজীবন কাটাচ্ছে। তাদের শিক্ষা ও স্বাস্থ্যসেবা নিশ্চিত করা জরুরি বলে মনে করেন বিশেষজ্ঞরা। কারা কর্তৃপক্ষ জানিয়েছে, শিশুদের জন্য আলাদা কক্ষ ও খেলার ব্যবস্থা রাখার পরিকল্পনা রয়েছে।

নিজস্ব প্রতিবেদক। কারাগারে মায়েদের সঙ্গে থাকা শিশুদের জন্য বিশেষ ব্যবস্থা নেওয়ার দাবি জানিয়েছেন মানবাধিকারকর্মীরা। দেশের বিভিন্ন কারাগারে বর্তমানে কয়েকশ শিশু মায়ের সঙ্গে বন্দিজীবন কাটাচ্ছে। তাদের শিক্ষা ও স্বাস্থ্যসেবা নিশ্চিত করা জরুরি বলে মনে করেন বিশেষজ্ঞরা। কারা কর্তৃপক্ষ জানিয়েছে, শিশুদের জন্য আলাদা কক্ষ ও খেলার ব্যবস্থা রাখার পরিকল্পনা রয়েছে।

নিজস্ব প্রতিবেদক। কারাগারে মায়েদের সঙ্গে থাকা শিশুদের জন্য বিশেষ ব্যবস্থা নেওয়ার দাবি জানিয়েছেন মানবাধিকারকর্মীরা। দেশের বিভিন্ন কারাগারে বর্তমানে কয়েকশ শিশু মায়ের সঙ্গে বন্দিজীবন কাটাচ্ছে। তাদের শিক্ষা ও স্বাস্থ্যসেবা নিশ্চিত করা জরুরি বলে মনে করেন বিশেষজ্ঞরা। কারা কর্তৃপক্ষ জানিয়েছে, শিশুদের জন্য আলাদা কক্ষ ও খেলার ব্যবস্থা রাখার পরিকল্পনা রয়েছে।

নিজস্ব প্রতিবেদক। কারাগারে মায়েদের সঙ্গে থাকা শিশুদের জন্য বিশেষ ব্যবস্থা নেওয়ার দাবি জানিয়েছেন মানবাধিকারকর্মীরা। দেশের বিভিন্ন কারাগারে বর্তমানে কয়েকশ শিশু মায়ের সঙ্গে বন্দিজীবন কাটাচ্ছে। তাদের শিক্ষা ও স্বাস্থ্যসেবা নিশ্চিত করা জরুরি বলে মনে করেন বিশেষজ্ঞরা। কারা কর্তৃপক্ষ জানিয়েছে, শিশুদের জন্য আলাদা কক্ষ ও খেলার ব্যবস্থা রাখার পরিকল্পনা রয়েছে।

নিজস্ব প্রতিবেদক। কারাগারে মায়েদের সঙ্গে থাকা শিশুদের জন্য বিশেষ ব্যবস্থা নেওয়ার দাবি জানিয়েছেন মানবাধিকারকর্মীরা। দেশের বিভিন্ন কারাগারে বর্তমানে কয়েকশ শিশু মায়ের সঙ্গে বন্দিজীবন কাটাচ্ছে। তাদের শিক্ষা ও স্বাস্থ্যসেবা নিশ্চিত করা জরুরি বলে মনে করেন বিশেষজ্ঞরা। কারা কর্তৃপক্ষ জানিয়েছে, শিশুদের জন্য আলাদা কক্ষ ও খেলার ব্যবস্থা রাখার পরিকল্পনা রয়েছে।

নিজস্ব প্রতিবেদক। কারাগারে মায়েদের সঙ্গে থাকা শিশুদের জন্য বিশেষ ব্যবস্থা নেওয়ার দাবি জানিয়েছেন মানবাধিকারকর্মীরা। দেশের বিভিন্ন কারাগারে বর্তমানে কয়েকশ শিশু মায়ের সঙ্গে বন্দিজীবন কাটাচ্ছে। তাদের শিক্ষা ও স্বাস্থ্যসেবা নিশ্চিত করা জরুরি বলে মনে করেন বিশেষজ্ঞরা। কারা কর্তৃপক্ষ জানিয়েছে, শিশুদের জন্য আলাদা কক্ষ ও খেলার ব্যবস্থা রাখার পরিকল্পনা রয়েছে।

এবার ডিজিটাল

নিজস্ব প্রতিবেদক। শিক্ষা প্রতিষ্ঠানগুলোতে ডিজিটাল পদ্ধতিতে পাঠদান চালুর উদ্যোগ নিয়েছে সরকার। মাল্টিমিডিয়া ক্লাসরুম স্থাপনের কাজ দ্রুত এগিয়ে চলছে।

নিজস্ব প্রতিবেদক। শিক্ষা প্রতিষ্ঠানগুলোতে ডিজিটাল পদ্ধতিতে পাঠদান চালুর উদ্যোগ নিয়েছে সরকার। মাল্টিমিডিয়া ক্লাসরুম স্থাপনের কাজ দ্রুত এগিয়ে চলছে।

নিজস্ব প্রতিবেদক। শিক্ষা প্রতিষ্ঠানগুলোতে ডিজিটাল পদ্ধতিতে পাঠদান চালুর উদ্যোগ নিয়েছে সরকার। মাল্টিমিডিয়া ক্লাসরুম স্থাপনের কাজ দ্রুত এগিয়ে চলছে।

নিজস্ব প্রতিবেদক। শিক্ষা প্রতিষ্ঠানগুলোতে ডিজিটাল পদ্ধতিতে পাঠদান চালুর উদ্যোগ নিয়েছে সরকার। মাল্টিমিডিয়া ক্লাসরুম স্থাপনের কাজ দ্রুত এগিয়ে চলছে।

নিজস্ব প্রতিবেদক। শিক্ষা প্রতিষ্ঠানগুলোতে ডিজিটাল পদ্ধতিতে পাঠদান চালুর উদ্যোগ নিয়েছে সরকার। মাল্টিমিডিয়া ক্লাসরুম স্থাপনের কাজ দ্রুত এগিয়ে চলছে।

নিজস্ব প্রতিবেদক। শিক্ষা প্রতিষ্ঠানগুলোতে ডিজিটাল পদ্ধতিতে পাঠদান চালুর উদ্যোগ নিয়েছে সরকার। মাল্টিমিডিয়া ক্লাসরুম স্থাপনের কাজ দ্রুত এগিয়ে চলছে।

আপসেন যেতে

নিজস্ব প্রতিবেদক। আসন্ন নির্বাচনকে সামনে রেখে বিভিন্ন দলের নেতারা প্রচারে নেমেছেন। তৃণমূলে কর্মীদের সংগঠিত করার কাজ চলছে।

নিজস্ব প্রতিবেদক। আসন্ন নির্বাচনকে সামনে রেখে বিভিন্ন দলের নেতারা প্রচারে নেমেছেন। তৃণমূলে কর্মীদের সংগঠিত করার কাজ চলছে।

নিজস্ব প্রতিবেদক। আসন্ন নির্বাচনকে সামনে রেখে বিভিন্ন দলের নেতারা প্রচারে নেমেছেন। তৃণমূলে কর্মীদের সংগঠিত করার কাজ চলছে।

নিজস্ব প্রতিবেদক। আসন্ন নির্বাচনকে সামনে রেখে বিভিন্ন দলের নেতারা প্রচারে নেমেছেন। তৃণমূলে কর্মীদের সংগঠিত করার কাজ চলছে।

নিজস্ব প্রতিবেদক। আসন্ন নির্বাচনকে সামনে রেখে বিভিন্ন দলের নেতারা প্রচারে নেমেছেন। তৃণমূলে কর্মীদের সংগঠিত করার কাজ চলছে।

নিজস্ব প্রতিবেদক। আসন্ন নির্বাচনকে সামনে রেখে বিভিন্ন দলের নেতারা প্রচারে নেমেছেন। তৃণমূলে কর্মীদের সংগঠিত করার কাজ চলছে।

নিজস্ব প্রতিবেদক। আসন্ন নির্বাচনকে সামনে রেখে বিভিন্ন দলের নেতারা প্রচারে নেমেছেন। তৃণমূলে কর্মীদের সংগঠিত করার কাজ চলছে।

নিজস্ব প্রতিবেদক। আসন্ন নির্বাচনকে সামনে রেখে বিভিন্ন দলের নেতারা প্রচারে নেমেছেন। তৃণমূলে কর্মীদের সংগঠিত করার কাজ চলছে।

নিজস্ব প্রতিবেদক। আসন্ন নির্বাচনকে সামনে রেখে বিভিন্ন দলের নেতারা প্রচারে নেমেছেন। তৃণমূলে কর্মীদের সংগঠিত করার কাজ চলছে।

নিজস্ব প্রতিবেদক। আসন্ন নির্বাচনকে সামনে রেখে বিভিন্ন দলের নেতারা প্রচারে নেমেছেন। তৃণমূলে কর্মীদের সংগঠিত করার কাজ চলছে।

নিজস্ব প্রতিবেদক। আসন্ন নির্বাচনকে সামনে রেখে বিভিন্ন দলের নেতারা প্রচারে নেমেছেন। তৃণমূলে কর্মীদের সংগঠিত করার কাজ চলছে।

নিজস্ব প্রতিবেদক। আসন্ন নির্বাচনকে সামনে রেখে বিভিন্ন দলের নেতারা প্রচারে নেমেছেন। তৃণমূলে কর্মীদের সংগঠিত করার কাজ চলছে।

নিজস্ব প্রতিবেদক। আসন্ন নির্বাচনকে সামনে রেখে বিভিন্ন দলের নেতারা প্রচারে নেমেছেন। তৃণমূলে কর্মীদের সংগঠিত করার কাজ চলছে।

নিজস্ব প্রতিবেদক। আসন্ন নির্বাচনকে সামনে রেখে বিভিন্ন দলের নেতারা প্রচারে নেমেছেন। তৃণমূলে কর্মীদের সংগঠিত করার কাজ চলছে।

ফেলানীর বিচার

নিজস্ব প্রতিবেদক। সীমান্তে নিহত ফেলানী হত্যার বিচার দাবিতে মানববন্ধন করেছে বিভিন্ন সংগঠন। বক্তারা দ্রুত ন্যায়বিচার নিশ্চিত করার আহ্বান জানান।

নিজস্ব প্রতিবেদক। সীমান্তে নিহত ফেলানী হত্যার বিচার দাবিতে মানববন্ধন করেছে বিভিন্ন সংগঠন। বক্তারা দ্রুত ন্যায়বিচার নিশ্চিত করার আহ্বান জানান।

নিজস্ব প্রতিবেদক। সীমান্তে নিহত ফেলানী হত্যার বিচার দাবিতে মানববন্ধন করেছে বিভিন্ন সংগঠন। বক্তারা দ্রুত ন্যায়বিচার নিশ্চিত করার আহ্বান জানান।

নিজস্ব প্রতিবেদক। সীমান্তে নিহত ফেলানী হত্যার বিচার দাবিতে মানববন্ধন করেছে বিভিন্ন সংগঠন। বক্তারা দ্রুত ন্যায়বিচার নিশ্চিত করার আহ্বান জানান।

আসন সংশি

নিজস্ব প্রতিবেদক। সংসদীয় আসনের সীমানা পুনর্নির্ধারণ নিয়ে নির্বাচন কমিশন কাজ শুরু করেছে। আপত্তি জানানোর সময়সীমা নির্ধারণ করা হয়েছে।

নিজস্ব প্রতিবেদক। সংসদীয় আসনের সীমানা পুনর্নির্ধারণ নিয়ে নির্বাচন কমিশন কাজ শুরু করেছে। আপত্তি জানানোর সময়সীমা নির্ধারণ করা হয়েছে।

নিজস্ব প্রতিবেদক। সংসদীয় আসনের সীমানা পুনর্নির্ধারণ নিয়ে নির্বাচন কমিশন কাজ শুরু করেছে। আপত্তি জানানোর সময়সীমা নির্ধারণ করা হয়েছে।

নিজস্ব প্রতিবেদক। সংসদীয় আসনের সীমানা পুনর্নির্ধারণ নিয়ে নির্বাচন কমিশন কাজ শুরু করেছে। আপত্তি জানানোর সময়সীমা নির্ধারণ করা হয়েছে।

নিজস্ব প্রতিবেদক। সংসদীয় আসনের সীমানা পুনর্নির্ধারণ নিয়ে নির্বাচন কমিশন কাজ শুরু করেছে। আপত্তি জানানোর সময়সীমা নির্ধারণ করা হয়েছে।

জমি দখলের সমস্যাপ্রীত

নিজস্ব প্রতিবেদক। গ্রামে জমি দখলকে কেন্দ্র করে দুই পক্ষের মধ্যে সংঘর্ষের ঘটনা ঘটেছে। এতে কয়েকজন আহত হয়েছেন। পুলিশ পরিস্থিতি নিয়ন্ত্রণে এনেছে।

নিজস্ব প্রতিবেদক। গ্রামে জমি দখলকে কেন্দ্র করে দুই পক্ষের মধ্যে সংঘর্ষের ঘটনা ঘটেছে। এতে কয়েকজন আহত হয়েছেন। পুলিশ পরিস্থিতি নিয়ন্ত্রণে এনেছে।

নিজস্ব প্রতিবেদক। গ্রামে জমি দখলকে কেন্দ্র করে দুই পক্ষের মধ্যে সংঘর্ষের ঘটনা ঘটেছে। এতে কয়েকজন আহত হয়েছেন। পুলিশ পরিস্থিতি নিয়ন্ত্রণে এনেছে।

নিজস্ব প্রতিবেদক। গ্রামে জমি দখলকে কেন্দ্র করে দুই পক্ষের মধ্যে সংঘর্ষের ঘটনা ঘটেছে। এতে কয়েকজন আহত হয়েছেন। পুলিশ পরিস্থিতি নিয়ন্ত্রণে এনেছে।

নিজস্ব প্রতিবেদক। গ্রামে জমি দখলকে কেন্দ্র করে দুই পক্ষের মধ্যে সংঘর্ষের ঘটনা ঘটেছে। এতে কয়েকজন আহত হয়েছেন। পুলিশ পরিস্থিতি নিয়ন্ত্রণে এনেছে।

নিজস্ব প্রতিবেদক। গ্রামে জমি দখলকে কেন্দ্র করে দুই পক্ষের মধ্যে সংঘর্ষের ঘটনা ঘটেছে। এতে কয়েকজন আহত হয়েছেন। পুলিশ পরিস্থিতি নিয়ন্ত্রণে এনেছে।

নিজস্ব প্রতিবেদক। গ্রামে জমি দখলকে কেন্দ্র করে দুই পক্ষের মধ্যে সংঘর্ষের ঘটনা ঘটেছে। এতে কয়েকজন আহত হয়েছেন। পুলিশ পরিস্থিতি নিয়ন্ত্রণে এনেছে।

নিজস্ব প্রতিবেদক। গ্রামে জমি দখলকে কেন্দ্র করে দুই পক্ষের মধ্যে সংঘর্ষের ঘটনা ঘটেছে। এতে কয়েকজন আহত হয়েছেন। পুলিশ পরিস্থিতি নিয়ন্ত্রণে এনেছে।

KHULNA SHIPYARD LIMITED
BANGLADESH NAVY, KHULNA
INTERNATIONAL TENDER
BAHF (F)-202/2016-2016 Dated 17 January 2016
1	Procuring Entity Name	Khulna Shipyard Limited
2	Invitation For	Heavy Load Wheeled Transporter
3	Invitation Reference No BAHF (F)-202/2016 Dated 17/01/2016
4	Procurement Method	Open Tender
5	Budget & Source of Fund
Own Fund
6	Tender Last Selling Date
17 February 2016
7	Tender Closing Date and Time
18 February 2016 Time 1115 A.M.
8	Tender Opening Date and Time
18 February 2016 Time 1130 A.M.
9	Name & Address of the Office Selling Tender
Khulna Shipyard Limited, Khulna
10 Receiving and Opening Tender
Khulna Shipyard Limited
11 Price of Tender Document
Tk. 2,000.00 (non-refundable)
12 Contact Details of Official
GM (Commercial and Purchase)
13 Special Instructions	The Procuring Entity reserves the right to reject all or any tenders
DGM (Commercial and Purchase)
G-65/16 (4"-2)
